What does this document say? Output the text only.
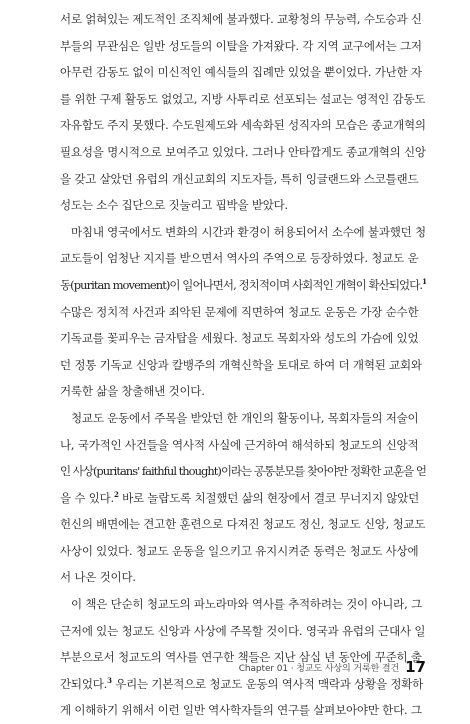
서로 얽혀있는 제도적인 조직체에 불과했다. 교황청의 무능력, 수도승과 신
부들의 무관심은 일반 성도들의 이탈을 가져왔다. 각 지역 교구에서는 그저
아무런 감동도 없이 미신적인 예식들의 집례만 있었을 뿐이었다. 가난한 자
를 위한 구제 활동도 없었고, 지방 사투리로 선포되는 설교는 영적인 감동도
자유함도 주지 못했다. 수도원제도와 세속화된 성직자의 모습은 종교개혁의
필요성을 명시적으로 보여주고 있었다. 그러나 안타깝게도 종교개혁의 신앙
을 갖고 살았던 유럽의 개신교회의 지도자들, 특히 잉글랜드와 스코틀랜드
성도는 소수 집단으로 짓눌리고 핍박을 받았다.
마침내 영국에서도 변화의 시간과 환경이 허용되어서 소수에 불과했던 청
교도들이 엄청난 지지를 받으면서 역사의 주역으로 등장하였다. 청교도 운
동(puritan movement)이 일어나면서, 정치적이며 사회적인 개혁이 확산되었다.$^1$
수많은 정치적 사건과 죄악된 문제에 직면하여 청교도 운동은 가장 순수한
기독교를 꽃피우는 금자탑을 세웠다. 청교도 목회자와 성도의 가슴에 있었
던 정통 기독교 신앙과 칼뱅주의 개혁신학을 토대로 하여 더 개혁된 교회와
거룩한 삶을 창출해낸 것이다.
청교도 운동에서 주목을 받았던 한 개인의 활동이나, 목회자들의 저술이
나, 국가적인 사건들을 역사적 사실에 근거하여 해석하되 청교도의 신앙적
인 사상(puritans' faithful thought)이라는 공통분모를 찾아야만 정확한 교훈을 얻
을 수 있다.$^2$ 바로 놀랍도록 치절했던 삶의 현장에서 결코 무너지지 않았던
헌신의 배면에는 견고한 훈련으로 다져진 청교도 정신, 청교도 신앙, 청교도
사상이 있었다. 청교도 운동을 일으키고 유지시켜준 동력은 청교도 사상에
서 나온 것이다.
이 책은 단순히 청교도의 파노라마와 역사를 추적하려는 것이 아니라, 그
근저에 있는 청교도 신앙과 사상에 주목할 것이다. 영국과 유럽의 근대사 일
부분으로서 청교도의 역사를 연구한 책들은 지난 삼십 년 동안에 꾸준히 출
간되었다.$^3$ 우리는 기본적으로 청교도 운동의 역사적 맥락과 상황을 정확하
게 이해하기 위해서 이런 일반 역사학자들의 연구를 살펴보아야만 한다. 그
Chapter 01 · 청교도 사상의 거룩한 결건 17
